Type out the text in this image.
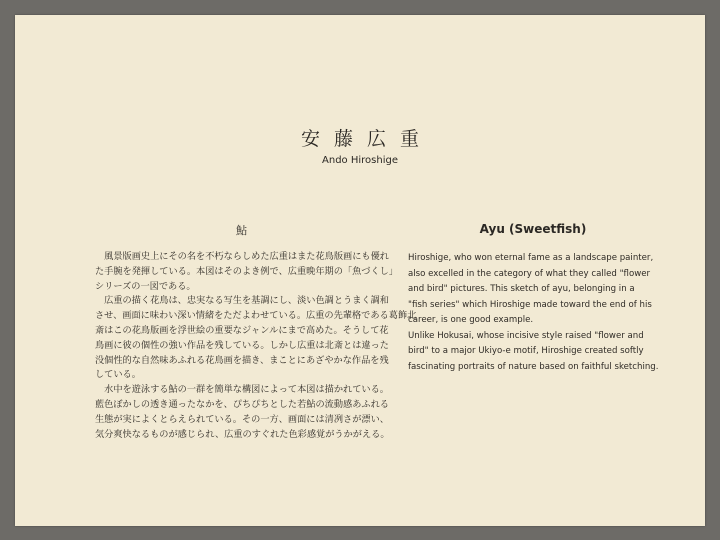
安藤広重
Ando Hiroshige
鮎
　風景版画史上にその名を不朽ならしめた広重はまた花鳥版画にも優れ
た手腕を発揮している。本図はそのよき例で、広重晩年期の「魚づくし」
シリーズの一図である。
　広重の描く花鳥は、忠実なる写生を基調にし、淡い色調とうまく調和
させ、画面に味わい深い情緒をただよわせている。広重の先輩格である葛飾北
斎はこの花鳥版画を浮世絵の重要なジャンルにまで高めた。そうして花
鳥画に彼の個性の強い作品を残している。しかし広重は北斎とは違った
没個性的な自然味あふれる花鳥画を描き、まことにあざやかな作品を残
している。
　水中を遊泳する鮎の一群を簡単な構図によって本図は描かれている。
藍色ぼかしの透き通ったなかを、ぴちぴちとした若鮎の流動感あふれる
生態が実によくとらえられている。その一方、画面には清冽さが漂い、
気分爽快なるものが感じられ、広重のすぐれた色彩感覚がうかがえる。
Ayu (Sweetfish)
Hiroshige, who won eternal fame as a landscape painter,
also excelled in the category of what they called "flower
and bird" pictures. This sketch of ayu, belonging in a
"fish series" which Hiroshige made toward the end of his
career, is one good example.
Unlike Hokusai, whose incisive style raised "flower and
bird" to a major Ukiyo-e motif, Hiroshige created softly
fascinating portraits of nature based on faithful sketching.
